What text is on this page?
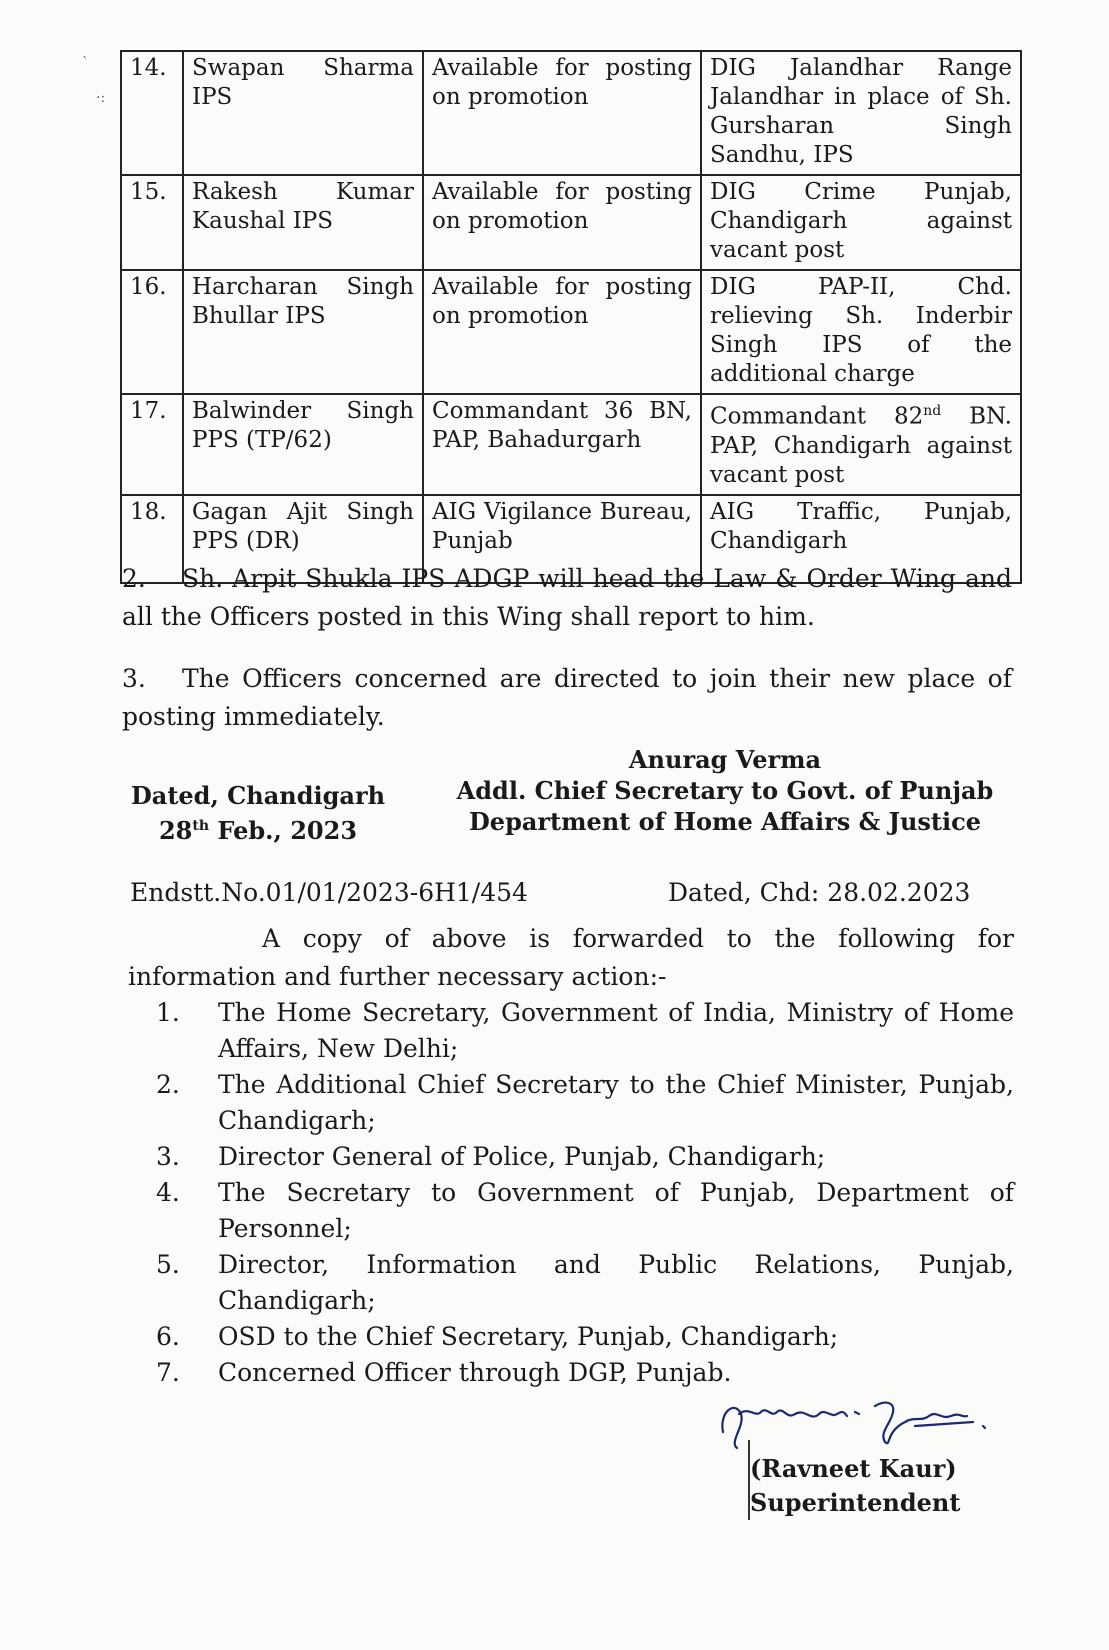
`
·:
14.	Swapan Sharma IPS	Available for posting on promotion	DIG Jalandhar Range Jalandhar in place of Sh. Gursharan Singh Sandhu, IPS
15.	Rakesh Kumar Kaushal IPS	Available for posting on promotion	DIG Crime Punjab, Chandigarh against vacant post
16.	Harcharan Singh Bhullar IPS	Available for posting on promotion	DIG PAP-II, Chd. relieving Sh. Inderbir Singh IPS of the additional charge
17.	Balwinder Singh PPS (TP/62)	Commandant 36 BN, PAP, Bahadurgarh	Commandant 82nd BN. PAP, Chandigarh against vacant post
18.	Gagan Ajit Singh PPS (DR)	AIG Vigilance Bureau, Punjab	AIG Traffic, Punjab, Chandigarh
2. Sh. Arpit Shukla IPS ADGP will head the Law & Order Wing and all the Officers posted in this Wing shall report to him.
3. The Officers concerned are directed to join their new place of posting immediately.
Anurag Verma
Addl. Chief Secretary to Govt. of Punjab
Department of Home Affairs & Justice
Dated, Chandigarh
28th Feb., 2023
Endstt.No.01/01/2023-6H1/454	Dated, Chd: 28.02.2023
A copy of above is forwarded to the following for information and further necessary action:-
1.	The Home Secretary, Government of India, Ministry of Home Affairs, New Delhi;
2.	The Additional Chief Secretary to the Chief Minister, Punjab, Chandigarh;
3.	Director General of Police, Punjab, Chandigarh;
4.	The Secretary to Government of Punjab, Department of Personnel;
5.	Director, Information and Public Relations, Punjab, Chandigarh;
6.	OSD to the Chief Secretary, Punjab, Chandigarh;
7.	Concerned Officer through DGP, Punjab.
(Ravneet Kaur)
Superintendent
